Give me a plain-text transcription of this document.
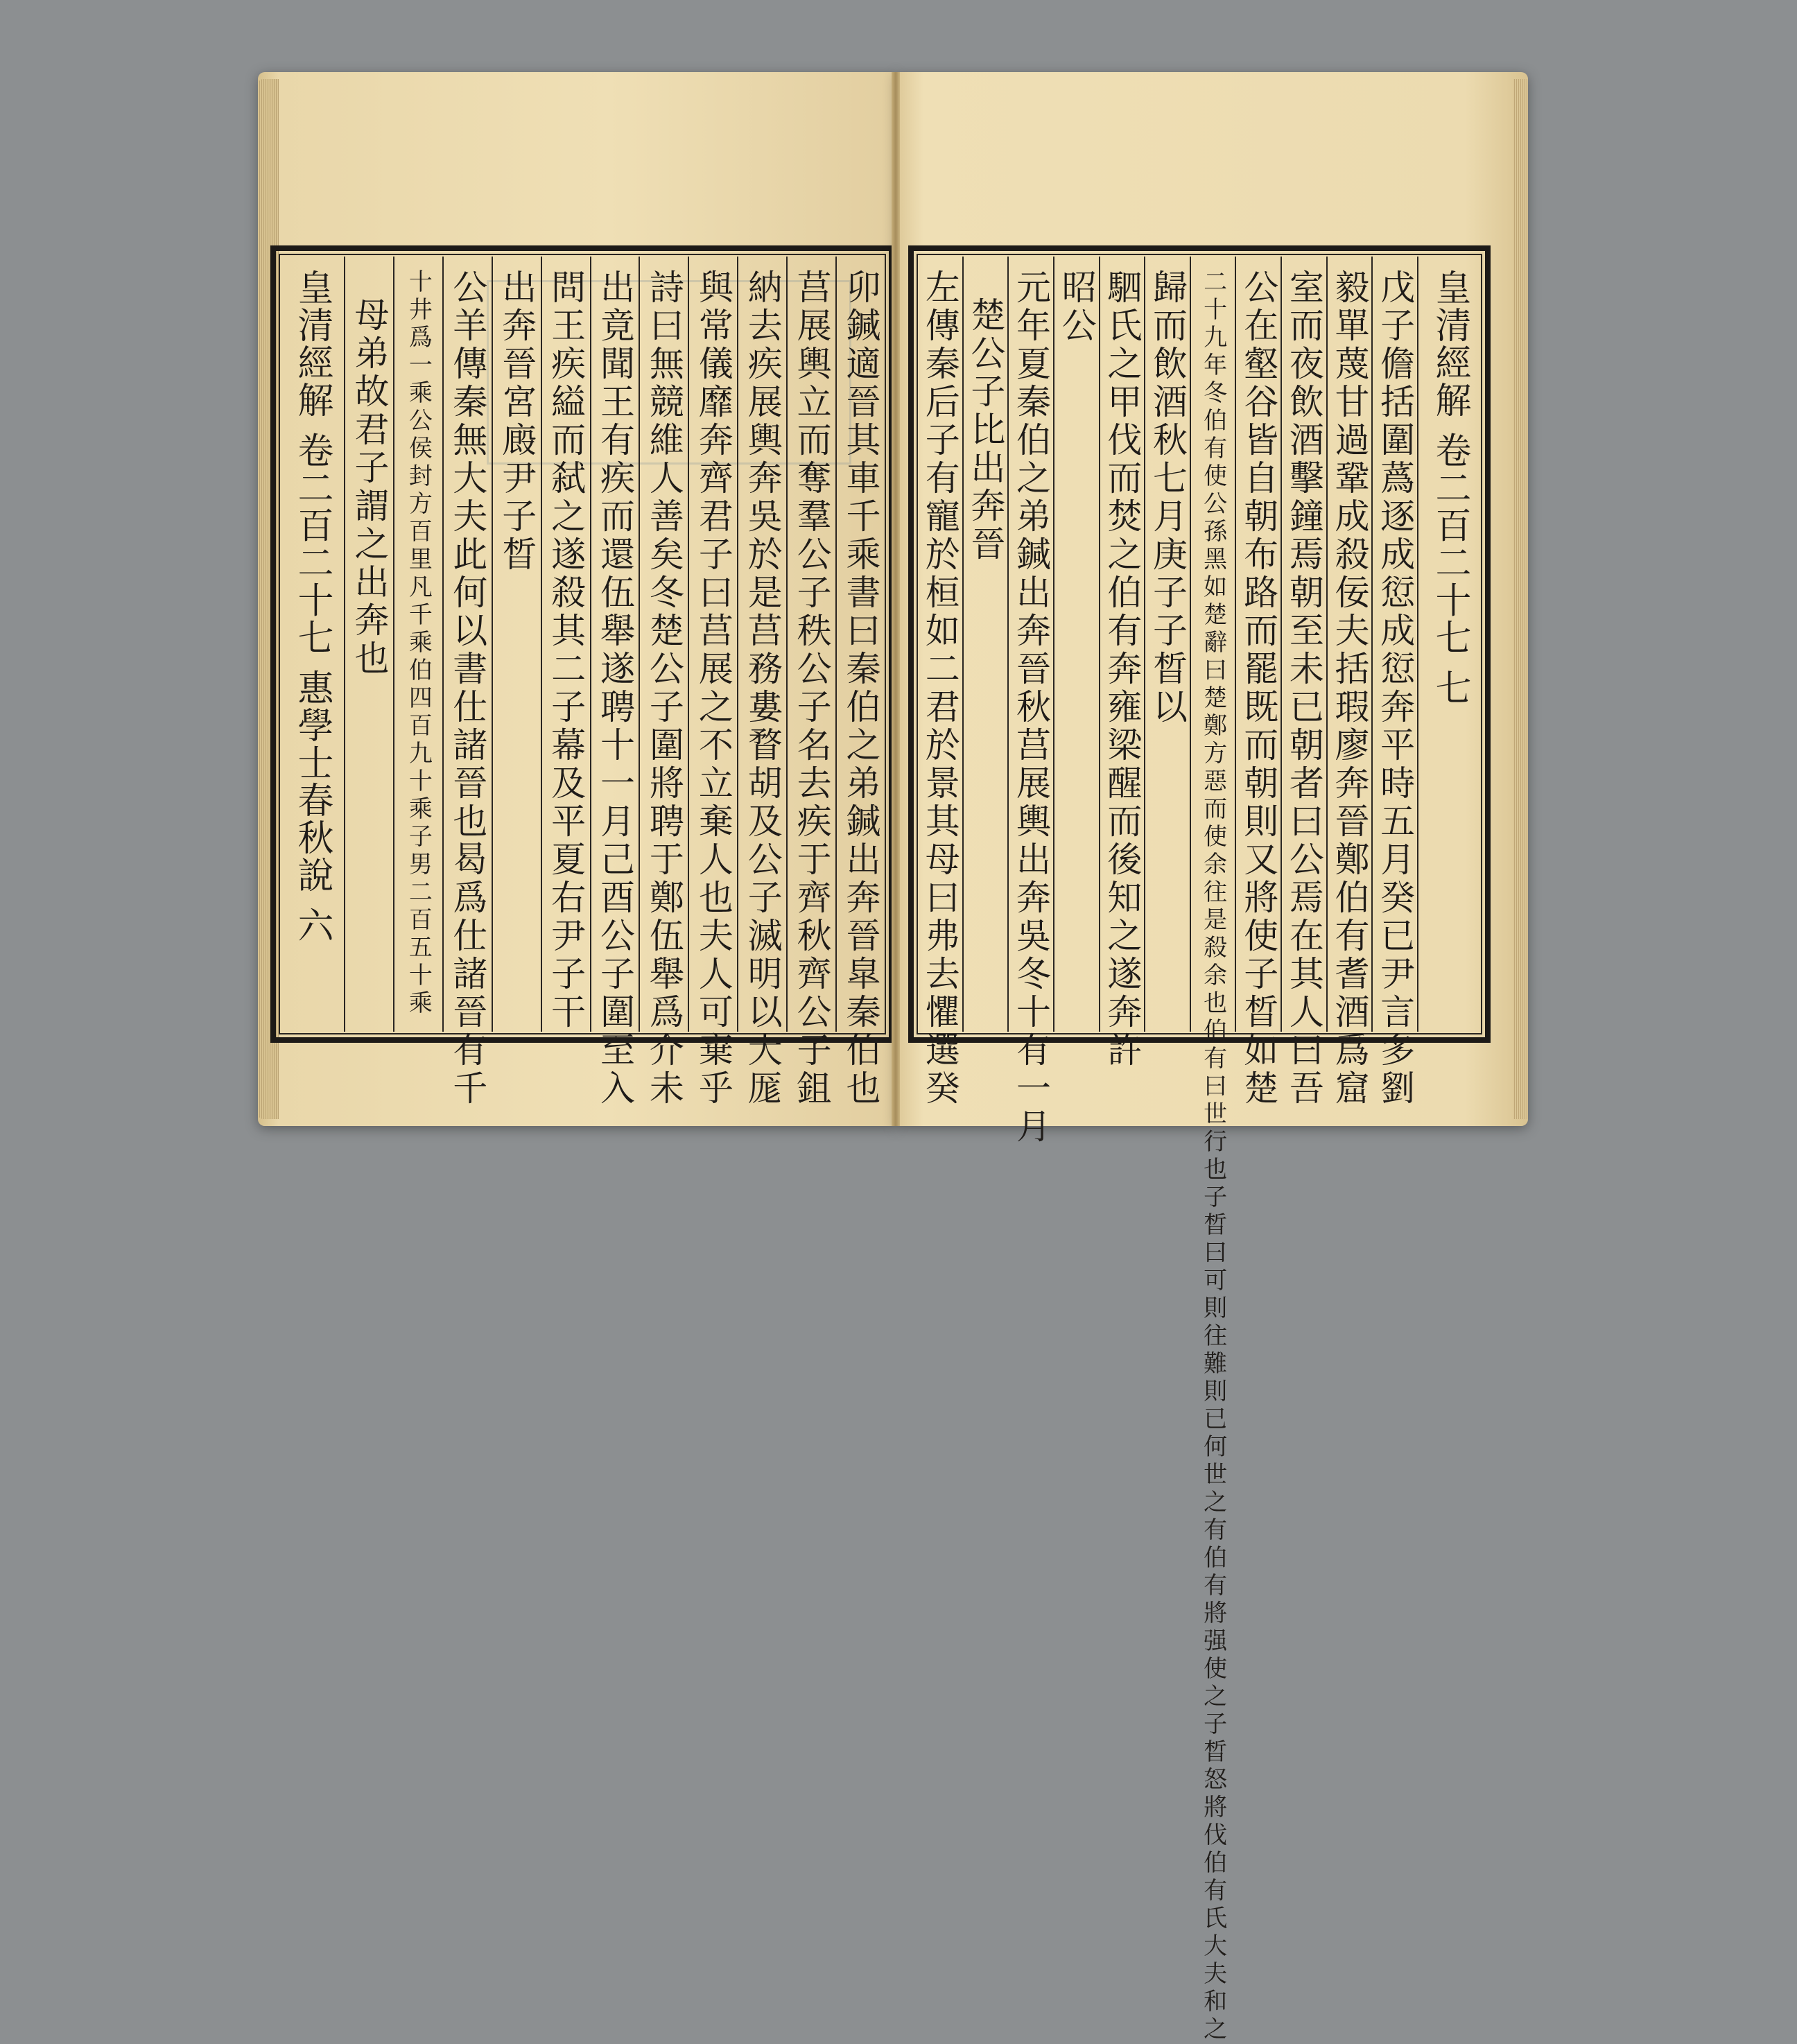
卯鍼適晉其車千乘書曰秦伯之弟鍼出奔晉皐秦伯也
莒展輿立而奪羣公子秩公子名去疾于齊秋齊公子鉏
納去疾展輿奔吳於是莒務婁瞀胡及公子滅明以大厖
與常儀靡奔齊君子曰莒展之不立棄人也夫人可棄乎
詩曰無競維人善矣冬楚公子圍將聘于鄭伍舉爲介未
出竟聞王有疾而還伍舉遂聘十一月己酉公子圍至入
問王疾縊而弑之遂殺其二子幕及平夏右尹子干
出奔晉宮廄尹子晳
公羊傳秦無大夫此何以書仕諸晉也曷爲仕諸晉有千
十井爲一乘公侯封方百里凡千乘伯四百九十乘子男二百五十乘
母弟故君子謂之出奔也
皇清經解 卷二百二十七 惠學士春秋說 六
皇清經解 卷二百二十七 七
戊子儋括圍蔿逐成愆成愆奔平時五月癸已尹言多劉
毅單蔑甘過鞏成殺佞夫括瑕廖奔晉鄭伯有耆酒爲窟
室而夜飲酒擊鐘焉朝至未已朝者曰公焉在其人曰吾
公在壑谷皆自朝布路而罷既而朝則又將使子晳如楚
二十九年冬伯有使公孫黑如楚辭曰楚鄭方惡而使余往是殺余也伯有曰世行也子晳曰可則往難則已何世之有伯有將强使之子晳怒將伐伯有氏大夫和之
歸而飲酒秋七月庚子子晳以
駟氏之甲伐而焚之伯有奔雍梁醒而後知之遂奔許
昭公
元年夏秦伯之弟鍼出奔晉秋莒展輿出奔吳冬十有一月
楚公子比出奔晉
左傳秦后子有寵於桓如二君於景其母曰弗去懼選癸
